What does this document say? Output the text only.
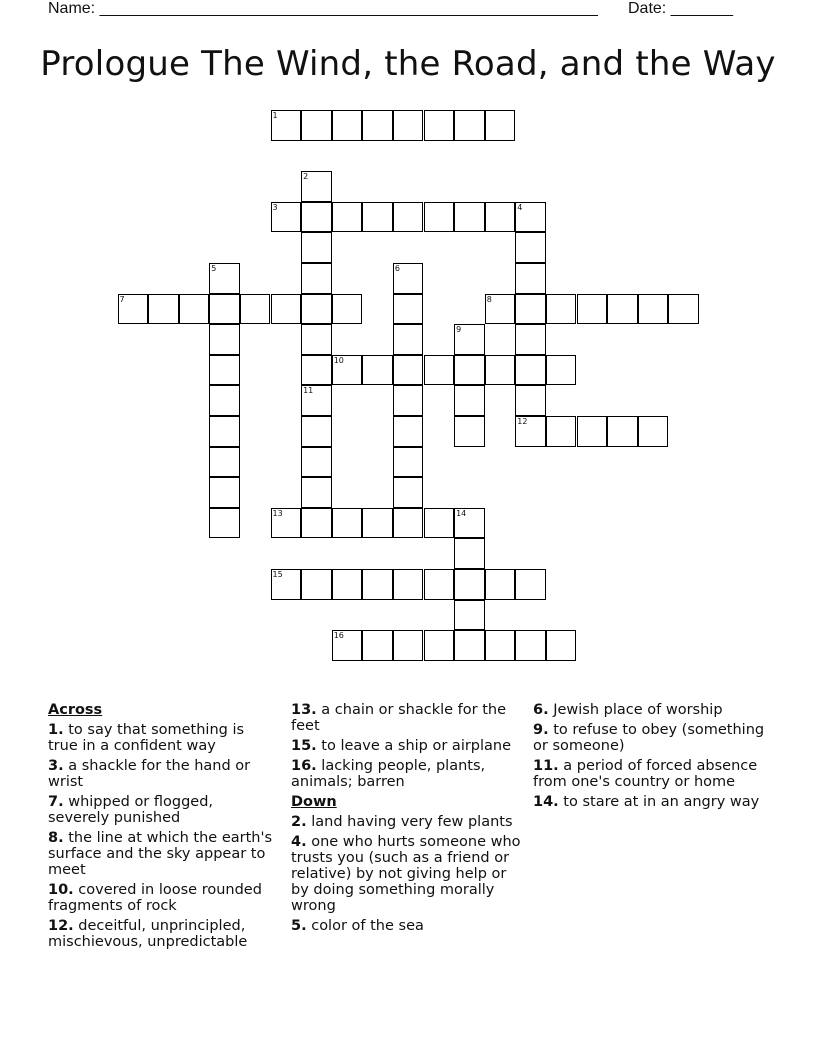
Name: ________________________________________________________ Date: _______
Prologue The Wind, the Road, and the Way
1
2
3	4
12
5	6
7	8
9
10
11
13	14
15
16
Across
1. to say that something is true in a confident way
3. a shackle for the hand or wrist
7. whipped or flogged, severely punished
8. the line at which the earth's surface and the sky appear to meet
10. covered in loose rounded fragments of rock
12. deceitful, unprincipled, mischievous, unpredictable
13. a chain or shackle for the feet
15. to leave a ship or airplane
16. lacking people, plants, animals; barren
Down
2. land having very few plants
4. one who hurts someone who trusts you (such as a friend or relative) by not giving help or by doing something morally wrong
5. color of the sea
6. Jewish place of worship
9. to refuse to obey (something or someone)
11. a period of forced absence from one's country or home
14. to stare at in an angry way
